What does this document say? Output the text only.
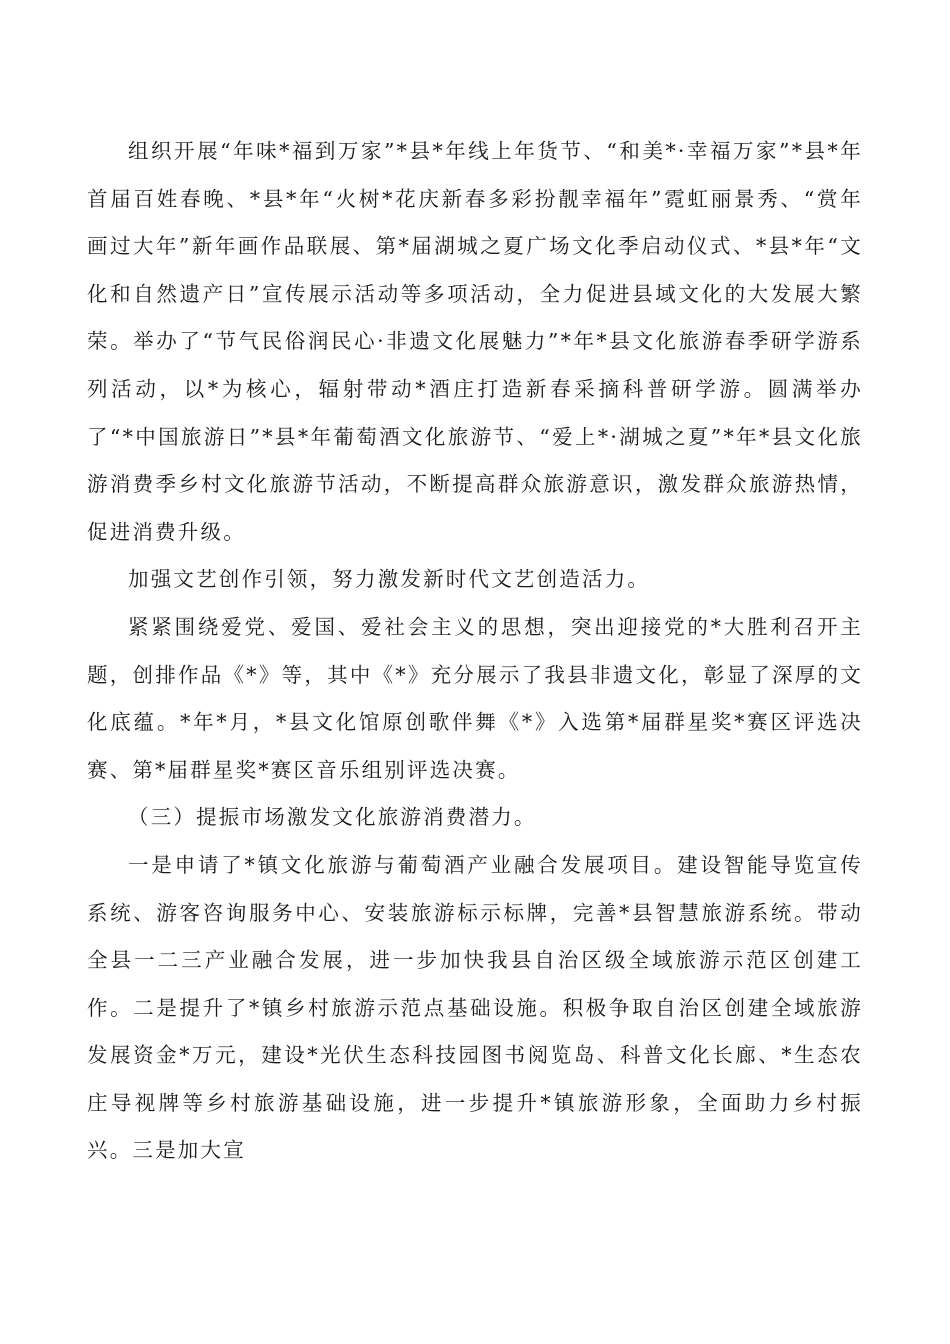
组织开展“年味*福到万家”*县*年线上年货节、“和美*·幸福万家”*县*年首届百姓春晚、*县*年“火树*花庆新春多彩扮靓幸福年”霓虹丽景秀、“赏年画过大年”新年画作品联展、第*届湖城之夏广场文化季启动仪式、*县*年“文化和自然遗产日”宣传展示活动等多项活动，全力促进县域文化的大发展大繁荣。举办了“节气民俗润民心·非遗文化展魅力”*年*县文化旅游春季研学游系列活动，以*为核心，辐射带动*酒庄打造新春采摘科普研学游。圆满举办了“*中国旅游日”*县*年葡萄酒文化旅游节、“爱上*·湖城之夏”*年*县文化旅游消费季乡村文化旅游节活动，不断提高群众旅游意识，激发群众旅游热情，促进消费升级。

加强文艺创作引领，努力激发新时代文艺创造活力。

紧紧围绕爱党、爱国、爱社会主义的思想，突出迎接党的*大胜利召开主题，创排作品《*》等，其中《*》充分展示了我县非遗文化，彰显了深厚的文化底蕴。*年*月，*县文化馆原创歌伴舞《*》入选第*届群星奖*赛区评选决赛、第*届群星奖*赛区音乐组别评选决赛。

（三）提振市场激发文化旅游消费潜力。

一是申请了*镇文化旅游与葡萄酒产业融合发展项目。建设智能导览宣传系统、游客咨询服务中心、安装旅游标示标牌，完善*县智慧旅游系统。带动全县一二三产业融合发展，进一步加快我县自治区级全域旅游示范区创建工作。二是提升了*镇乡村旅游示范点基础设施。积极争取自治区创建全域旅游发展资金*万元，建设*光伏生态科技园图书阅览岛、科普文化长廊、*生态农庄导视牌等乡村旅游基础设施，进一步提升*镇旅游形象，全面助力乡村振兴。三是加大宣
